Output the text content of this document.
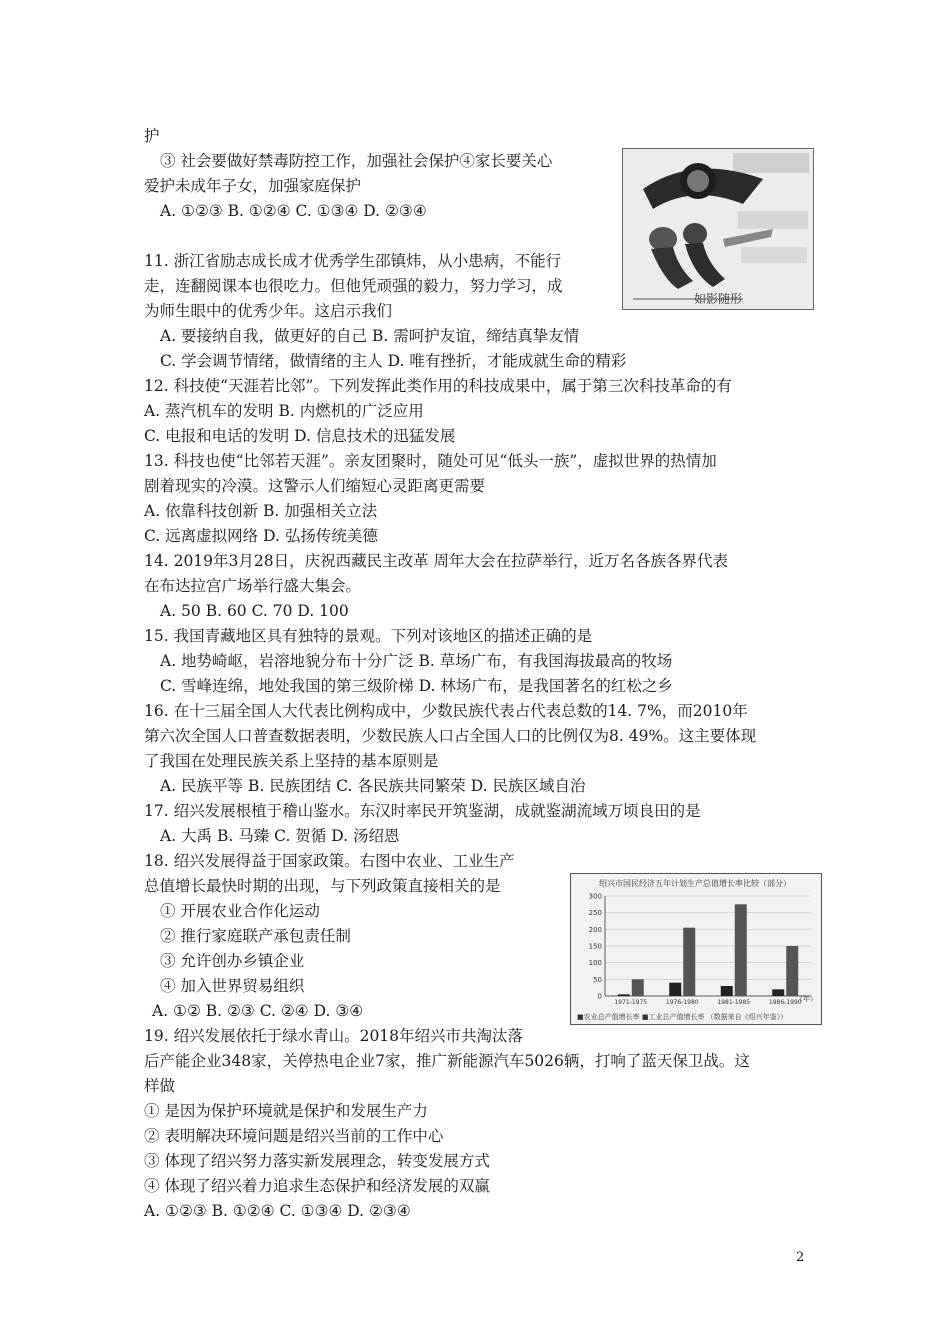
如影随形
绍兴市国民经济五年计划生产总值增长率比较（部分）
0
50
100
150
200
250
300
1971-1975	1976-1980	1981-1985	1986-1990
（年）
■农业总产值增长率 ■工业总产值增长率 （数据来自《绍兴年鉴》）
护
③ 社会要做好禁毒防控工作，加强社会保护④家长要关心
爱护未成年子女，加强家庭保护
A. ①②③ B. ①②④ C. ①③④ D. ②③④
11. 浙江省励志成长成才优秀学生邵镇炜，从小患病，不能行
走，连翻阅课本也很吃力。但他凭顽强的毅力，努力学习，成
为师生眼中的优秀少年。这启示我们
A. 要接纳自我，做更好的自己 B. 需呵护友谊，缔结真挚友情
C. 学会调节情绪，做情绪的主人 D. 唯有挫折，才能成就生命的精彩
12. 科技使“天涯若比邻”。下列发挥此类作用的科技成果中，属于第三次科技革命的有
A. 蒸汽机车的发明 B. 内燃机的广泛应用
C. 电报和电话的发明 D. 信息技术的迅猛发展
13. 科技也使“比邻若天涯”。亲友团聚时，随处可见“低头一族”，虚拟世界的热情加
剧着现实的冷漠。这警示人们缩短心灵距离更需要
A. 依靠科技创新 B. 加强相关立法
C. 远离虚拟网络 D. 弘扬传统美德
14. 2019年3月28日，庆祝西藏民主改革 周年大会在拉萨举行，近万名各族各界代表
在布达拉宫广场举行盛大集会。
A. 50 B. 60 C. 70 D. 100
15. 我国青藏地区具有独特的景观。下列对该地区的描述正确的是
A. 地势崎岖，岩溶地貌分布十分广泛 B. 草场广布，有我国海拔最高的牧场
C. 雪峰连绵，地处我国的第三级阶梯 D. 林场广布，是我国著名的红松之乡
16. 在十三届全国人大代表比例构成中，少数民族代表占代表总数的14. 7%，而2010年
第六次全国人口普查数据表明，少数民族人口占全国人口的比例仅为8. 49%。这主要体现
了我国在处理民族关系上坚持的基本原则是
A. 民族平等 B. 民族团结 C. 各民族共同繁荣 D. 民族区域自治
17. 绍兴发展根植于稽山鉴水。东汉时率民开筑鉴湖，成就鉴湖流域万顷良田的是
A. 大禹 B. 马臻 C. 贺循 D. 汤绍恩
18. 绍兴发展得益于国家政策。右图中农业、工业生产
总值增长最快时期的出现，与下列政策直接相关的是
① 开展农业合作化运动
② 推行家庭联产承包责任制
③ 允许创办乡镇企业
④ 加入世界贸易组织
A. ①② B. ②③ C. ②④ D. ③④
19. 绍兴发展依托于绿水青山。2018年绍兴市共淘汰落
后产能企业348家，关停热电企业7家，推广新能源汽车5026辆，打响了蓝天保卫战。这
样做
① 是因为保护环境就是保护和发展生产力
② 表明解决环境问题是绍兴当前的工作中心
③ 体现了绍兴努力落实新发展理念，转变发展方式
④ 体现了绍兴着力追求生态保护和经济发展的双赢
A. ①②③ B. ①②④ C. ①③④ D. ②③④
2
